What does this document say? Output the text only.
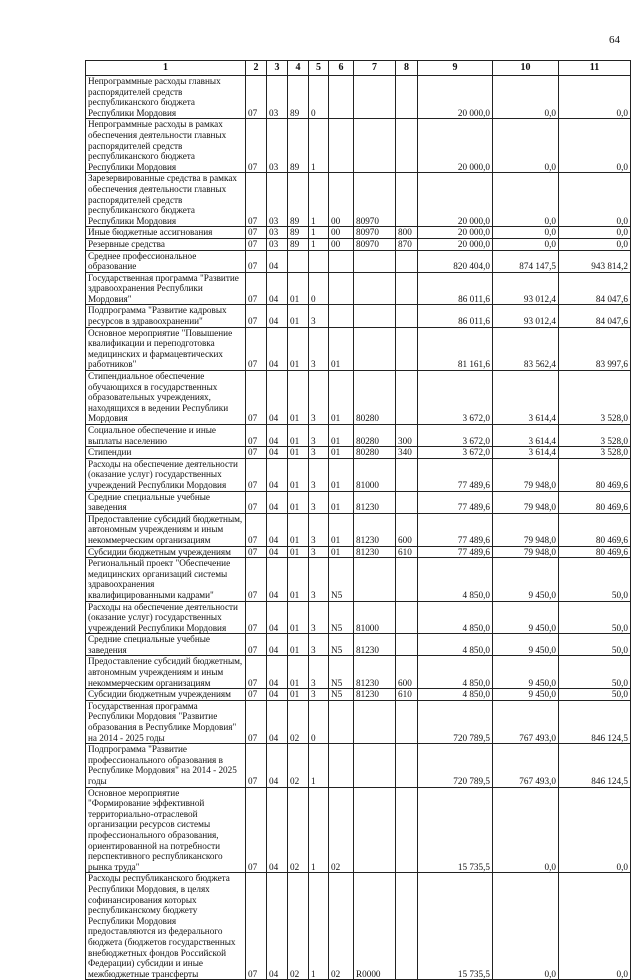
64
1	2	3	4	5	6	7	8	9	10	11
Непрограммные расходы главных распорядителей средств республиканского бюджета Республики Мордовия	07	03	89	0				20 000,0	0,0	0,0
Непрограммные расходы в рамках обеспечения деятельности главных распорядителей средств республиканского бюджета Республики Мордовия	07	03	89	1				20 000,0	0,0	0,0
Зарезервированные средства в рамках обеспечения деятельности главных распорядителей средств республиканского бюджета Республики Мордовия	07	03	89	1	00	80970		20 000,0	0,0	0,0
Иные бюджетные ассигнования	07	03	89	1	00	80970	800	20 000,0	0,0	0,0
Резервные средства	07	03	89	1	00	80970	870	20 000,0	0,0	0,0
Среднее профессиональное образование	07	04						820 404,0	874 147,5	943 814,2
Государственная программа "Развитие здравоохранения Республики Мордовия"	07	04	01	0				86 011,6	93 012,4	84 047,6
Подпрограмма "Развитие кадровых ресурсов в здравоохранении"	07	04	01	3				86 011,6	93 012,4	84 047,6
Основное мероприятие "Повышение квалификации и переподготовка медицинских и фармацевтических работников"	07	04	01	3	01			81 161,6	83 562,4	83 997,6
Стипендиальное обеспечение обучающихся в государственных образовательных учреждениях, находящихся в ведении Республики Мордовия	07	04	01	3	01	80280		3 672,0	3 614,4	3 528,0
Социальное обеспечение и иные выплаты населению	07	04	01	3	01	80280	300	3 672,0	3 614,4	3 528,0
Стипендии	07	04	01	3	01	80280	340	3 672,0	3 614,4	3 528,0
Расходы на обеспечение деятельности (оказание услуг) государственных учреждений Республики Мордовия	07	04	01	3	01	81000		77 489,6	79 948,0	80 469,6
Средние специальные учебные заведения	07	04	01	3	01	81230		77 489,6	79 948,0	80 469,6
Предоставление субсидий бюджетным, автономным учреждениям и иным некоммерческим организациям	07	04	01	3	01	81230	600	77 489,6	79 948,0	80 469,6
Субсидии бюджетным учреждениям	07	04	01	3	01	81230	610	77 489,6	79 948,0	80 469,6
Региональный проект "Обеспечение медицинских организаций системы здравоохранения квалифицированными кадрами"	07	04	01	3	N5			4 850,0	9 450,0	50,0
Расходы на обеспечение деятельности (оказание услуг) государственных учреждений Республики Мордовия	07	04	01	3	N5	81000		4 850,0	9 450,0	50,0
Средние специальные учебные заведения	07	04	01	3	N5	81230		4 850,0	9 450,0	50,0
Предоставление субсидий бюджетным, автономным учреждениям и иным некоммерческим организациям	07	04	01	3	N5	81230	600	4 850,0	9 450,0	50,0
Субсидии бюджетным учреждениям	07	04	01	3	N5	81230	610	4 850,0	9 450,0	50,0
Государственная программа Республики Мордовия "Развитие образования в Республике Мордовия" на 2014 - 2025 годы	07	04	02	0				720 789,5	767 493,0	846 124,5
Подпрограмма "Развитие профессионального образования в Республике Мордовия" на 2014 - 2025 годы	07	04	02	1				720 789,5	767 493,0	846 124,5
Основное мероприятие "Формирование эффективной территориально-отраслевой организации ресурсов системы профессионального образования, ориентированной на потребности перспективного республиканского рынка труда"	07	04	02	1	02			15 735,5	0,0	0,0
Расходы республиканского бюджета Республики Мордовия, в целях софинансирования которых республиканскому бюджету Республики Мордовия предоставляются из федерального бюджета (бюджетов государственных внебюджетных фондов Российской Федерации) субсидии и иные межбюджетные трансферты	07	04	02	1	02	R0000		15 735,5	0,0	0,0
